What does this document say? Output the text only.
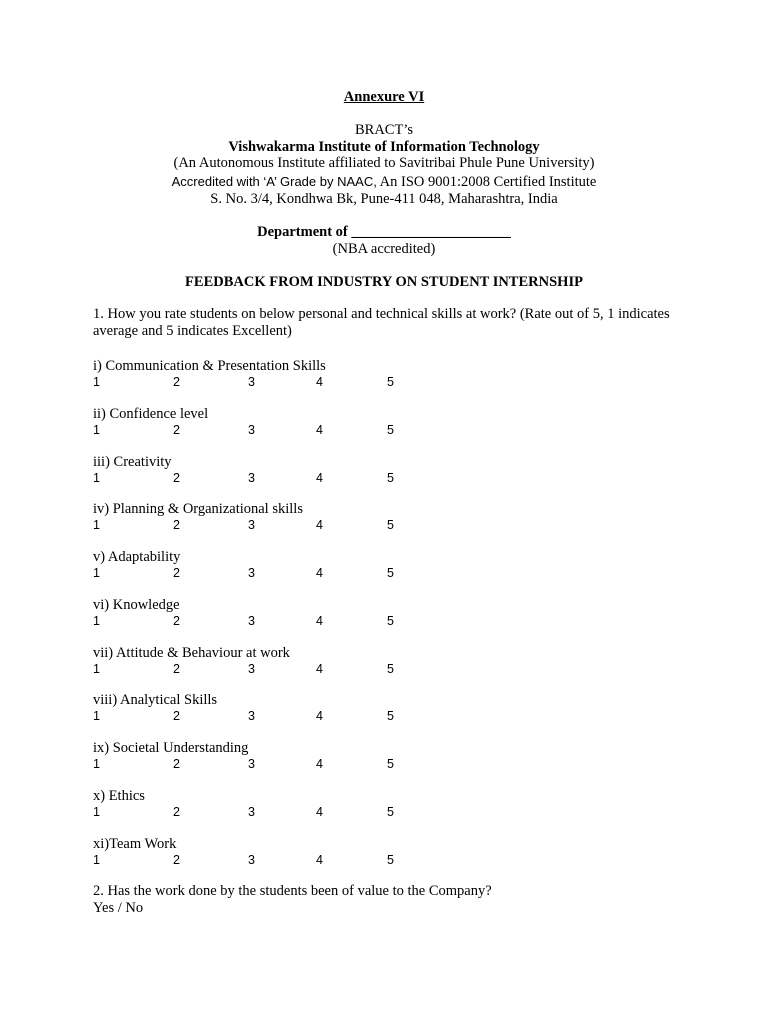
Annexure VI
BRACT’s
Vishwakarma Institute of Information Technology
(An Autonomous Institute affiliated to Savitribai Phule Pune University)
Accredited with ‘A’ Grade by NAAC, An ISO 9001:2008 Certified Institute
S. No. 3/4, Kondhwa Bk, Pune-411 048, Maharashtra, India
Department of ______________________
(NBA accredited)
FEEDBACK FROM INDUSTRY ON STUDENT INTERNSHIP
1. How you rate students on below personal and technical skills at work? (Rate out of 5, 1 indicates average and 5 indicates Excellent)
i) Communication & Presentation Skills
1	2	3	4	5
ii) Confidence level
1	2	3	4	5
iii) Creativity
1	2	3	4	5
iv) Planning & Organizational skills
1	2	3	4	5
v) Adaptability
1	2	3	4	5
vi) Knowledge
1	2	3	4	5
vii) Attitude & Behaviour at work
1	2	3	4	5
viii) Analytical Skills
1	2	3	4	5
ix) Societal Understanding
1	2	3	4	5
x) Ethics
1	2	3	4	5
xi)Team Work
1	2	3	4	5
2. Has the work done by the students been of value to the Company?
Yes / No
